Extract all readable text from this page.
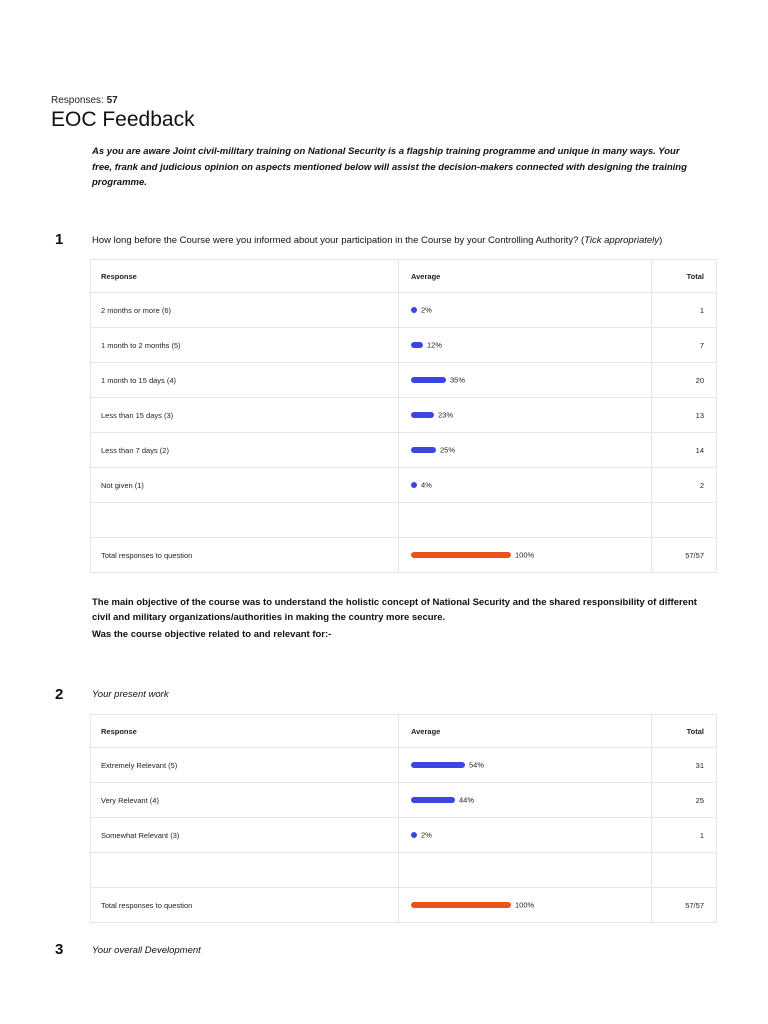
Responses: 57
EOC Feedback

As you are aware Joint civil-military training on National Security is a flagship training programme and unique in many ways. Your free, frank and judicious opinion on aspects mentioned below will assist the decision-makers connected with designing the training programme.

1	How long before the Course were you informed about your participation in the Course by your Controlling Authority? (Tick appropriately)
Response	Average	Total
2 months or more (6)	2%	1
1 month to 2 months (5)	12%	7
1 month to 15 days (4)	35%	20
Less than 15 days (3)	23%	13
Less than 7 days (2)	25%	14
Not given (1)	4%	2

Total responses to question	100%	57/57

The main objective of the course was to understand the holistic concept of National Security and the shared responsibility of different civil and military organizations/authorities in making the country more secure.

Was the course objective related to and relevant for:-

2	Your present work
Response	Average	Total
Extremely Relevant (5)	54%	31
Very Relevant (4)	44%	25
Somewhat Relevant (3)	2%	1

Total responses to question	100%	57/57
3	Your overall Development
